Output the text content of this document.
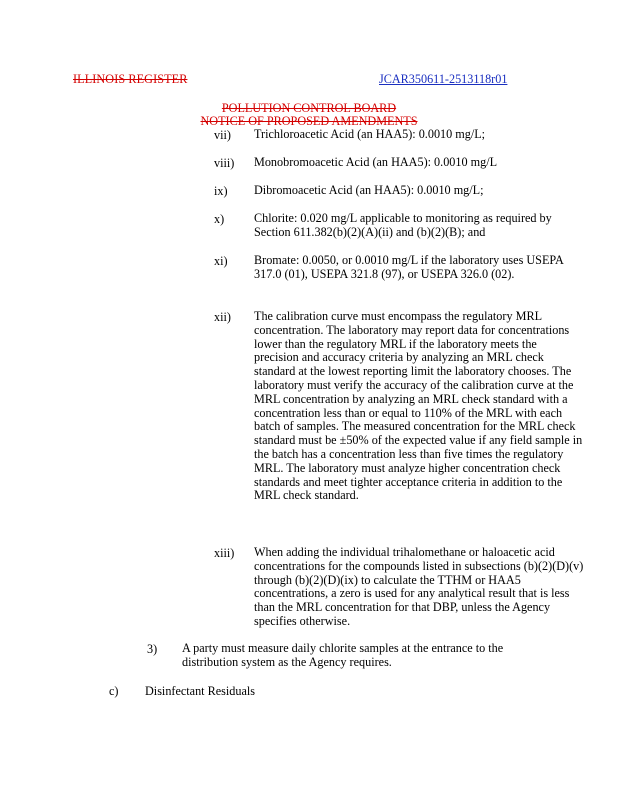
ILLINOIS REGISTER	JCAR350611-2513118r01
POLLUTION CONTROL BOARD
NOTICE OF PROPOSED AMENDMENTS
vii) Trichloroacetic Acid (an HAA5): 0.0010 mg/L;
viii) Monobromoacetic Acid (an HAA5): 0.0010 mg/L
ix) Dibromoacetic Acid (an HAA5): 0.0010 mg/L;
x) Chlorite: 0.020 mg/L applicable to monitoring as required by Section 611.382(b)(2)(A)(ii) and (b)(2)(B); and
xi) Bromate: 0.0050, or 0.0010 mg/L if the laboratory uses USEPA 317.0 (01), USEPA 321.8 (97), or USEPA 326.0 (02).
xii) The calibration curve must encompass the regulatory MRL concentration. The laboratory may report data for concentrations lower than the regulatory MRL if the laboratory meets the precision and accuracy criteria by analyzing an MRL check standard at the lowest reporting limit the laboratory chooses. The laboratory must verify the accuracy of the calibration curve at the MRL concentration by analyzing an MRL check standard with a concentration less than or equal to 110% of the MRL with each batch of samples. The measured concentration for the MRL check standard must be ±50% of the expected value if any field sample in the batch has a concentration less than five times the regulatory MRL. The laboratory must analyze higher concentration check standards and meet tighter acceptance criteria in addition to the MRL check standard.
xiii) When adding the individual trihalomethane or haloacetic acid concentrations for the compounds listed in subsections (b)(2)(D)(v) through (b)(2)(D)(ix) to calculate the TTHM or HAA5 concentrations, a zero is used for any analytical result that is less than the MRL concentration for that DBP, unless the Agency specifies otherwise.
3) A party must measure daily chlorite samples at the entrance to the distribution system as the Agency requires.
c) Disinfectant Residuals
